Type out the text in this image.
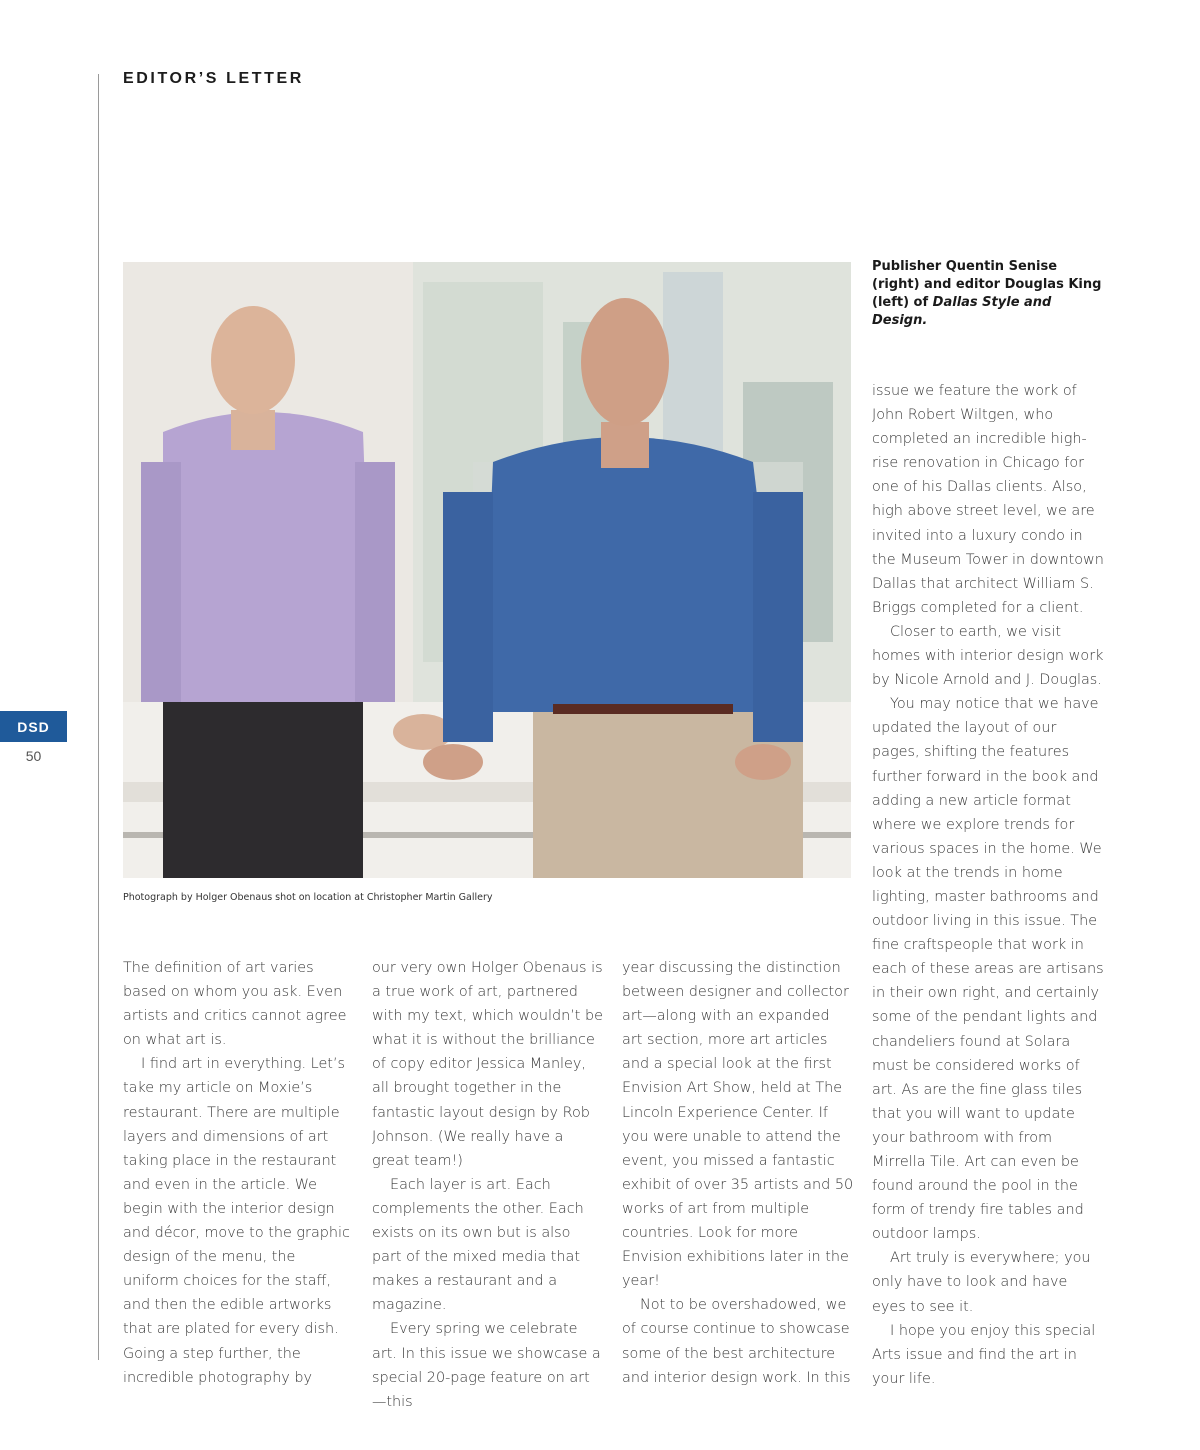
EDITOR’S LETTER
DSD
50
Photograph by Holger Obenaus shot on location at Christopher Martin Gallery
Publisher Quentin Senise (right) and editor Douglas King (left) of Dallas Style and Design.

The definition of art varies based on whom you ask. Even artists and critics cannot agree on what art is.

I find art in everything. Let’s take my article on Moxie’s restaurant. There are multiple layers and dimensions of art taking place in the restaurant and even in the article. We begin with the interior design and décor, move to the graphic design of the menu, the uniform choices for the staff, and then the edible artworks that are plated for every dish. Going a step further, the incredible photography by

our very own Holger Obenaus is a true work of art, partnered with my text, which wouldn’t be what it is without the brilliance of copy editor Jessica Manley, all brought together in the fantastic layout design by Rob Johnson. (We really have a great team!)

Each layer is art. Each complements the other. Each exists on its own but is also part of the mixed media that makes a restaurant and a magazine.

Every spring we celebrate art. In this issue we showcase a special 20-page feature on art—this

year discussing the distinction between designer and collector art—along with an expanded art section, more art articles and a special look at the first Envision Art Show, held at The Lincoln Experience Center. If you were unable to attend the event, you missed a fantastic exhibit of over 35 artists and 50 works of art from multiple countries. Look for more Envision exhibitions later in the year!

Not to be overshadowed, we of course continue to showcase some of the best architecture and interior design work. In this

issue we feature the work of John Robert Wiltgen, who completed an incredible high-rise renovation in Chicago for one of his Dallas clients. Also, high above street level, we are invited into a luxury condo in the Museum Tower in downtown Dallas that architect William S. Briggs completed for a client.

Closer to earth, we visit homes with interior design work by Nicole Arnold and J. Douglas.

You may notice that we have updated the layout of our pages, shifting the features further forward in the book and adding a new article format where we explore trends for various spaces in the home. We look at the trends in home lighting, master bathrooms and outdoor living in this issue. The fine craftspeople that work in each of these areas are artisans in their own right, and certainly some of the pendant lights and chandeliers found at Solara must be considered works of art. As are the fine glass tiles that you will want to update your bathroom with from Mirrella Tile. Art can even be found around the pool in the form of trendy fire tables and outdoor lamps.

Art truly is everywhere; you only have to look and have eyes to see it.

I hope you enjoy this special Arts issue and find the art in your life.
